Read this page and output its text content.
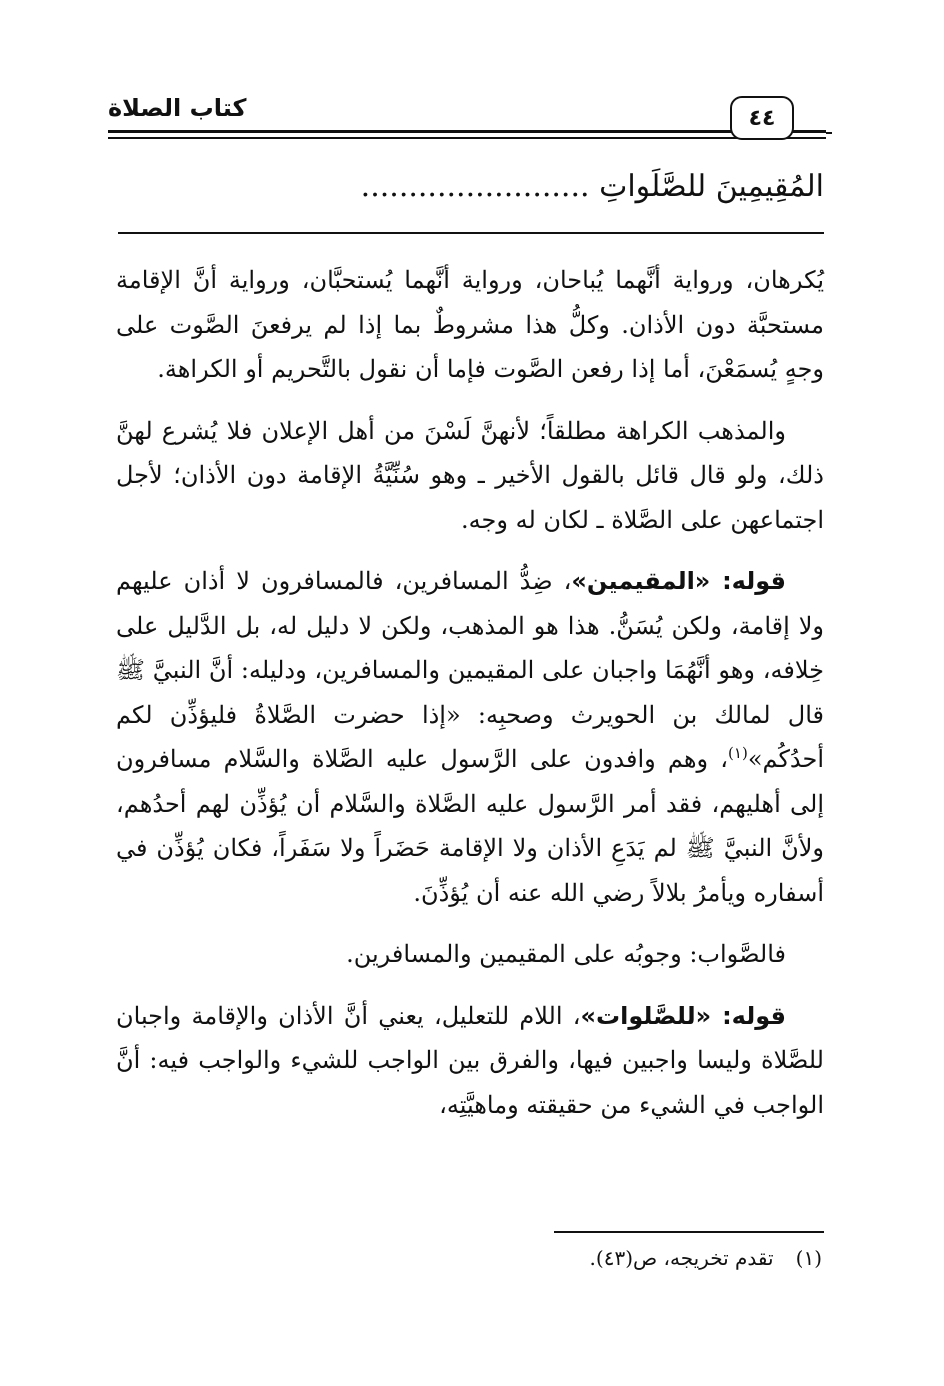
كتاب الصلاة	٤٤
المُقِيمِينَ للصَّلَواتِ ........................

يُكرهان، ورواية أنَّهما يُباحان، ورواية أنَّهما يُستحبَّان، ورواية أنَّ الإقامة مستحبَّة دون الأذان. وكلُّ هذا مشروطٌ بما إذا لم يرفعنَ الصَّوت على وجهٍ يُسمَعْنَ، أما إذا رفعن الصَّوت فإما أن نقول بالتَّحريم أو الكراهة.

والمذهب الكراهة مطلقاً؛ لأنهنَّ لَسْنَ من أهل الإعلان فلا يُشرع لهنَّ ذلك، ولو قال قائل بالقول الأخير ـ وهو سُنِّيَّةُ الإقامة دون الأذان؛ لأجل اجتماعهن على الصَّلاة ـ لكان له وجه.

قوله: «المقيمين»، ضِدُّ المسافرين، فالمسافرون لا أذان عليهم ولا إقامة، ولكن يُسَنُّ. هذا هو المذهب، ولكن لا دليل له، بل الدَّليل على خِلافه، وهو أنَّهُمَا واجبان على المقيمين والمسافرين، ودليله: أنَّ النبيَّ ﷺ قال لمالك بن الحويرث وصحبِه: «إذا حضرت الصَّلاةُ فليؤذِّن لكم أحدُكُم»$^{(١)}$، وهم وافدون على الرَّسول عليه الصَّلاة والسَّلام مسافرون إلى أهليهم، فقد أمر الرَّسول عليه الصَّلاة والسَّلام أن يُؤذِّن لهم أحدُهم، ولأنَّ النبيَّ ﷺ لم يَدَعِ الأذان ولا الإقامة حَضَراً ولا سَفَراً، فكان يُؤذِّن في أسفاره ويأمرُ بلالاً رضي الله عنه أن يُؤذِّنَ.

فالصَّواب: وجوبُه على المقيمين والمسافرين.

قوله: «للصَّلوات»، اللام للتعليل، يعني أنَّ الأذان والإقامة واجبان للصَّلاة وليسا واجبين فيها، والفرق بين الواجب للشيء والواجب فيه: أنَّ الواجب في الشيء من حقيقته وماهيَّتِه،

(١)تقدم تخريجه، ص(٤٣).
